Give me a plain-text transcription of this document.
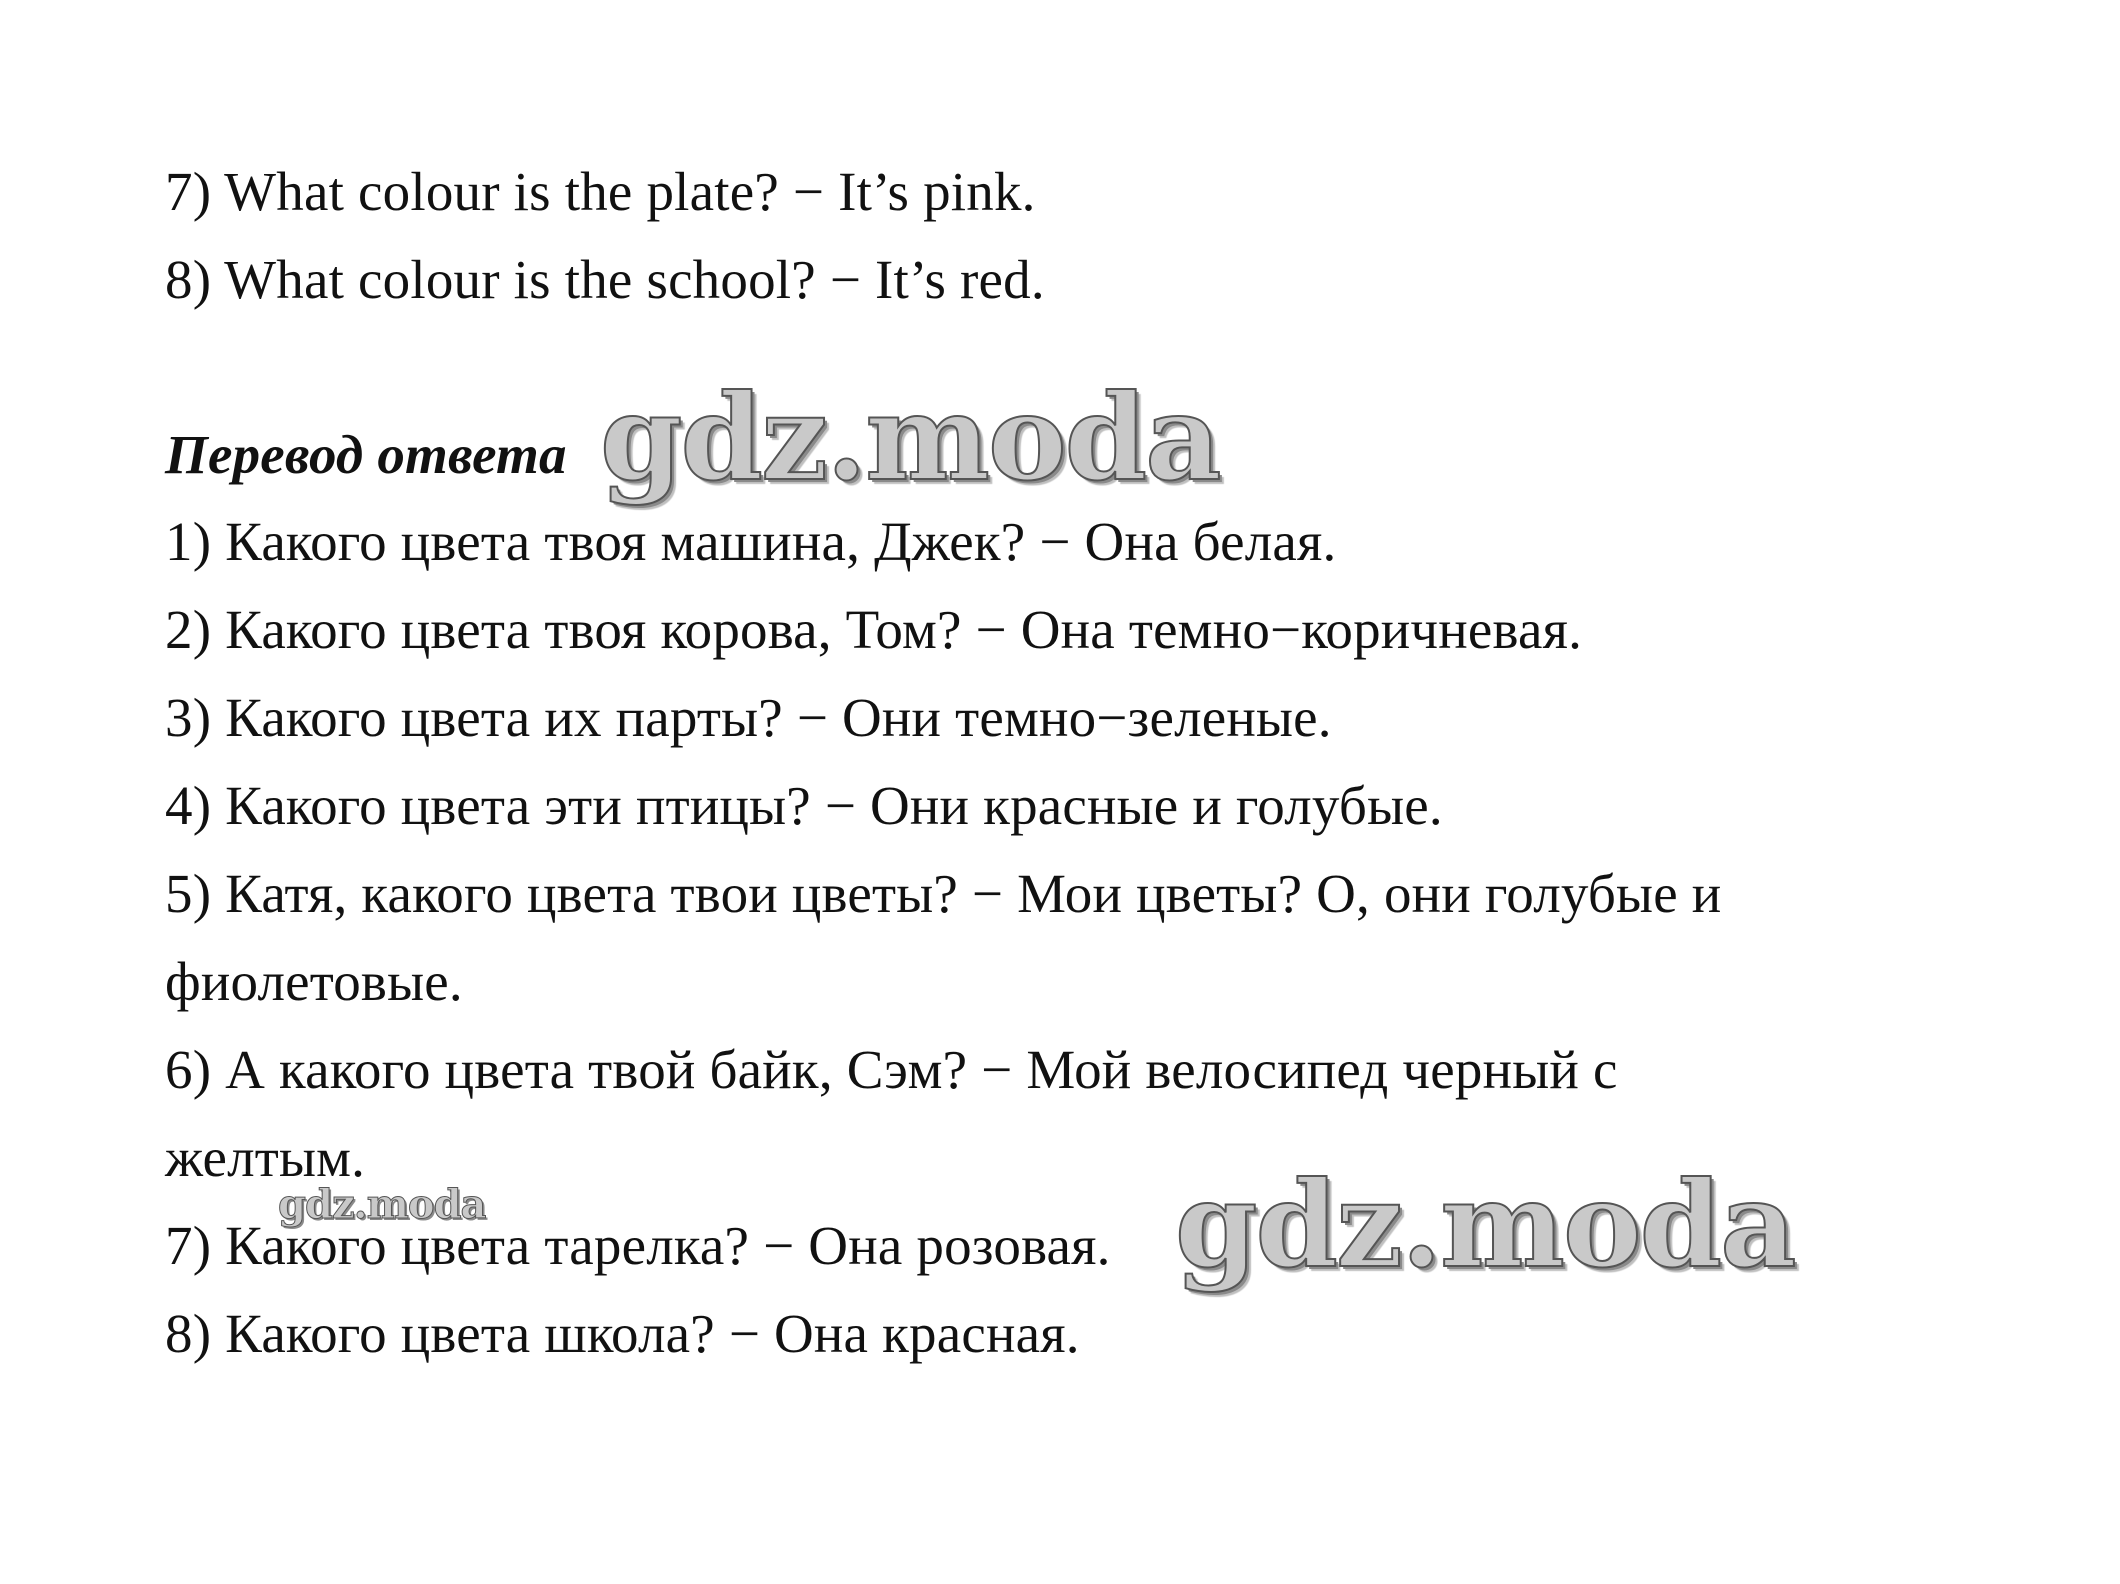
7) What colour is the plate? − It’s pink.
8) What colour is the school? − It’s red.
Перевод ответа
1) Какого цвета твоя машина, Джек? − Она белая.
2) Какого цвета твоя корова, Том? − Она темно−коричневая.
3) Какого цвета их парты? − Они темно−зеленые.
4) Какого цвета эти птицы? − Они красные и голубые.
5) Катя, какого цвета твои цветы? − Мои цветы? О, они голубые и
фиолетовые.
6) А какого цвета твой байк, Сэм? − Мой велосипед черный с
желтым.
7) Какого цвета тарелка? − Она розовая.
8) Какого цвета школа? − Она красная.
gdz.moda
gdz.moda	gdz.moda
